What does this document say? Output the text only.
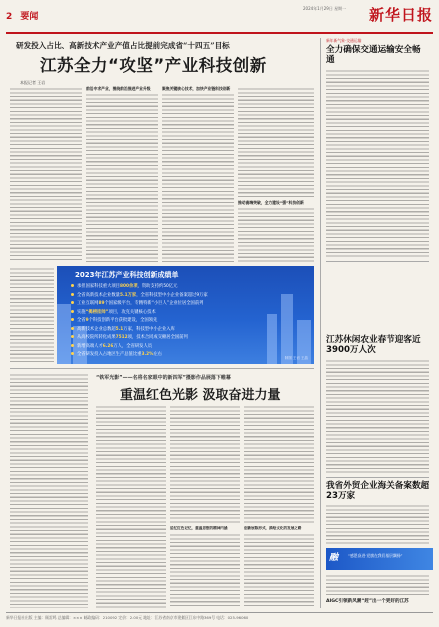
2 要闻
2024年1月29日 星期一	新华日报
研发投入占比、高新技术产业产值占比提前完成省“十四五”目标
江苏全力“攻坚”产业科技创新
本报记者 王岩
前沿中求产业，围绕前沿推进产业升级	聚焦关键核心技术，加快产业链科技创新
推动高端突破，全力建设“强”科技创新
2023年江苏产业科技创新成绩单
承担国家科技重大项目800余项，资助支持约50亿元
全省高新技术企业数量5.1万家，全省科技型中小企业备案超过9万家
工业互联网89个国家级平台，专精特新“小巨人”企业位居全国前列
实施“揭榜挂帅”项目，攻克关键核心技术
全省9个科技创新平台获批建设，全国领先
高新技术企业总数超5.1万家，科技型中小企业入库
从高校院所转化成果7512项，技术合同成交额居全国前列
新增高端人才6.26万人，全省研发人员
全省研发投入占地区生产总值比重3.2%左右
制图 王岩 王晶
新年新气象·交通运输
全力确保交通运输安全畅通
江苏休闲农业春节迎客近3900万人次
我省外贸企业海关备案数超23万家
融	“感恩奋进·党旗在我们基层飘扬”
AIGC引领新风潮“赶”出一个更好的江苏
“铁军光影”——名将名家眼中的新四军”摄影作品展落下帷幕
重温红色光影 汲取奋进力量
追忆红色记忆，重温思想的精神内涵	创新展陈形式，描绘文化的发展之路
新华日报社出版 主编：顾雷鸣 总编辑：××× 邮政编码：210092 定价：2.00元 地址：江苏省南京市建邺区江东中路369号 电话：025-96060
